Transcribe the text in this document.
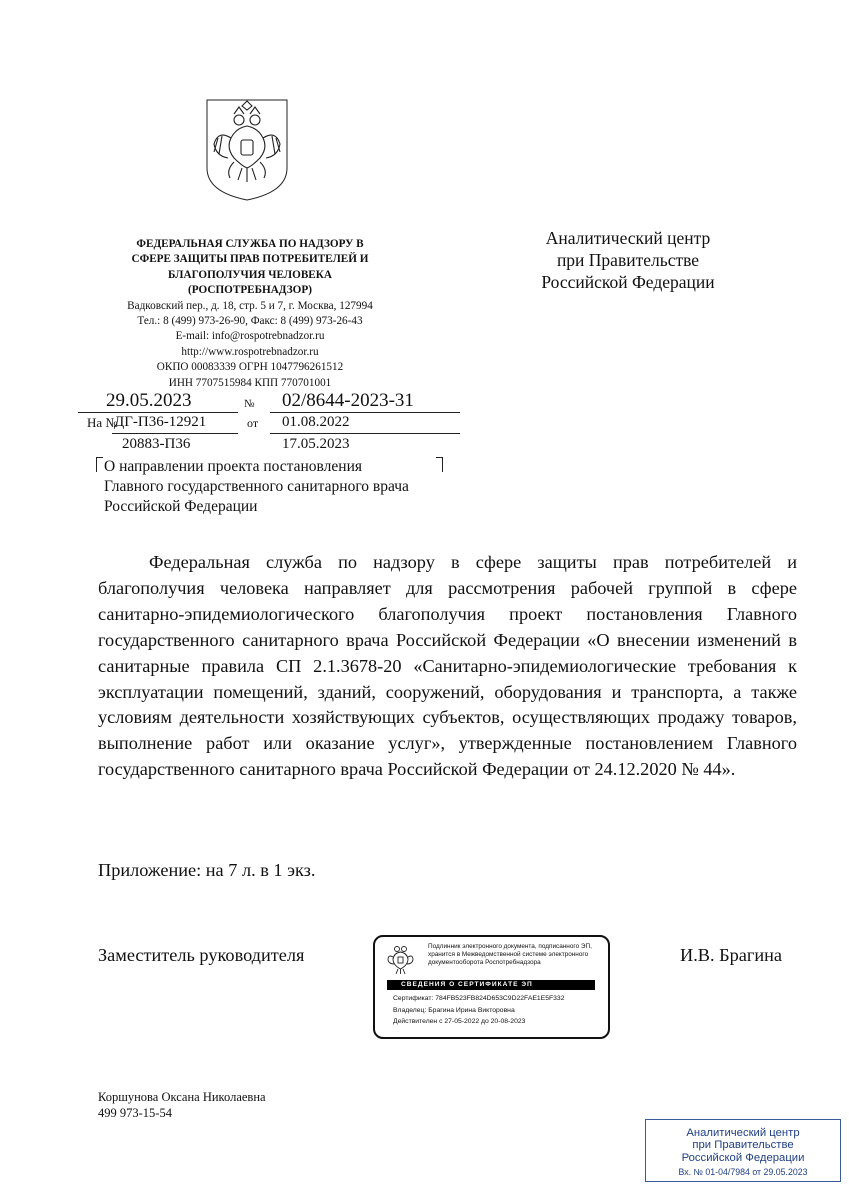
ФЕДЕРАЛЬНАЯ СЛУЖБА ПО НАДЗОРУ В
СФЕРЕ ЗАЩИТЫ ПРАВ ПОТРЕБИТЕЛЕЙ И
БЛАГОПОЛУЧИЯ ЧЕЛОВЕКА
(РОСПОТРЕБНАДЗОР)
Вадковский пер., д. 18, стр. 5 и 7, г. Москва, 127994
Тел.: 8 (499) 973-26-90, Факс: 8 (499) 973-26-43
E-mail: info@rospotrebnadzor.ru
http://www.rospotrebnadzor.ru
ОКПО 00083339 ОГРН 1047796261512
ИНН 7707515984 КПП 770701001
Аналитический центр
при Правительстве
Российской Федерации
29.05.2023	№ 02/8644-2023-31
На №
ДГ-П36-12921	от 01.08.2022
20883-П36	17.05.2023
О направлении проекта постановления
Главного государственного санитарного врача
Российской Федерации
Федеральная служба по надзору в сфере защиты прав потребителей и благополучия человека направляет для рассмотрения рабочей группой в сфере санитарно-эпидемиологического благополучия проект постановления Главного государственного санитарного врача Российской Федерации «О внесении изменений в санитарные правила СП 2.1.3678-20 «Санитарно-эпидемиологические требования к эксплуатации помещений, зданий, сооружений, оборудования и транспорта, а также условиям деятельности хозяйствующих субъектов, осуществляющих продажу товаров, выполнение работ или оказание услуг», утвержденные постановлением Главного государственного санитарного врача Российской Федерации от 24.12.2020 № 44».
Приложение: на 7 л. в 1 экз.
Заместитель руководителя	И.В. Брагина
Подлинник электронного документа, подписанного ЭП,
хранится в Межведомственной системе электронного
документооборота Роспотребнадзора
СВЕДЕНИЯ О СЕРТИФИКАТЕ ЭП
Сертификат: 784FB523FB824D653C9D22FAE1E5F332
Владелец: Брагина Ирина Викторовна
Действителен с 27-05-2022 до 20-08-2023
Коршунова Оксана Николаевна
499 973-15-54
Аналитический центр
при Правительстве
Российской Федерации
Вх. № 01-04/7984 от 29.05.2023
